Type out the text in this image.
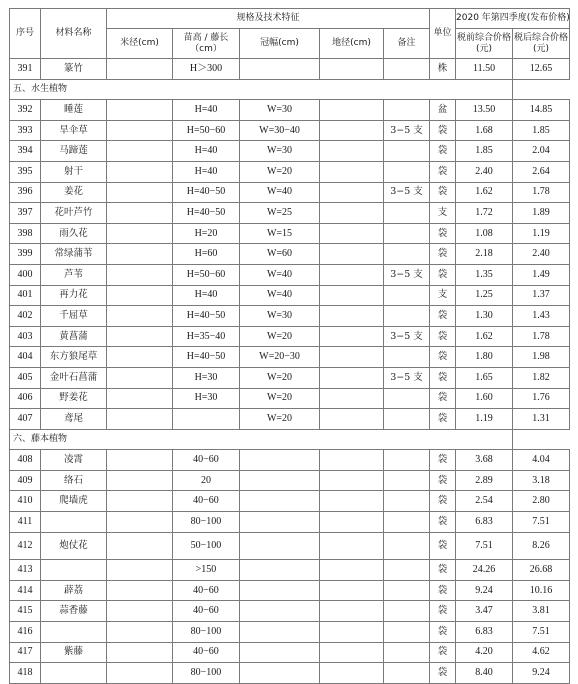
序号	材料名称	规格及技术特征					单位	2020 年第四季度(发布价格)	
		米径(cm)	苗高 / 藤长（cm）	冠幅(cm)	地径(cm)	备注		税前综合价格(元)	税后综合价格(元)
391	篆竹		H＞300				株	11.50	12.65
五、水生植物									
392	睡莲		H=40	W=30			盆	13.50	14.85
393	旱伞草		H=50−60	W=30−40		3−5 支	袋	1.68	1.85
394	马蹄莲		H=40	W=30			袋	1.85	2.04
395	射干		H=40	W=20			袋	2.40	2.64
396	姜花		H=40−50	W=40		3−5 支	袋	1.62	1.78
397	花叶芦竹		H=40−50	W=25			支	1.72	1.89
398	雨久花		H=20	W=15			袋	1.08	1.19
399	常绿蒲苇		H=60	W=60			袋	2.18	2.40
400	芦苇		H=50−60	W=40		3−5 支	袋	1.35	1.49
401	再力花		H=40	W=40			支	1.25	1.37
402	千屈草		H=40−50	W=30			袋	1.30	1.43
403	黄菖蒲		H=35−40	W=20		3−5 支	袋	1.62	1.78
404	东方狼尾草		H=40−50	W=20−30			袋	1.80	1.98
405	金叶石菖蒲		H=30	W=20		3−5 支	袋	1.65	1.82
406	野姜花		H=30	W=20			袋	1.60	1.76
407	鸢尾			W=20			袋	1.19	1.31
六、藤本植物									
408	凌霄		40−60				袋	3.68	4.04
409	络石		20				袋	2.89	3.18
410	爬墙虎		40−60				袋	2.54	2.80
411			80−100				袋	6.83	7.51
412	炮仗花		50−100				袋	7.51	8.26
413			>150				袋	24.26	26.68
414	薜荔		40−60				袋	9.24	10.16
415	蒜香藤		40−60				袋	3.47	3.81
416			80−100				袋	6.83	7.51
417	紫藤		40−60				袋	4.20	4.62
418			80−100				袋	8.40	9.24
